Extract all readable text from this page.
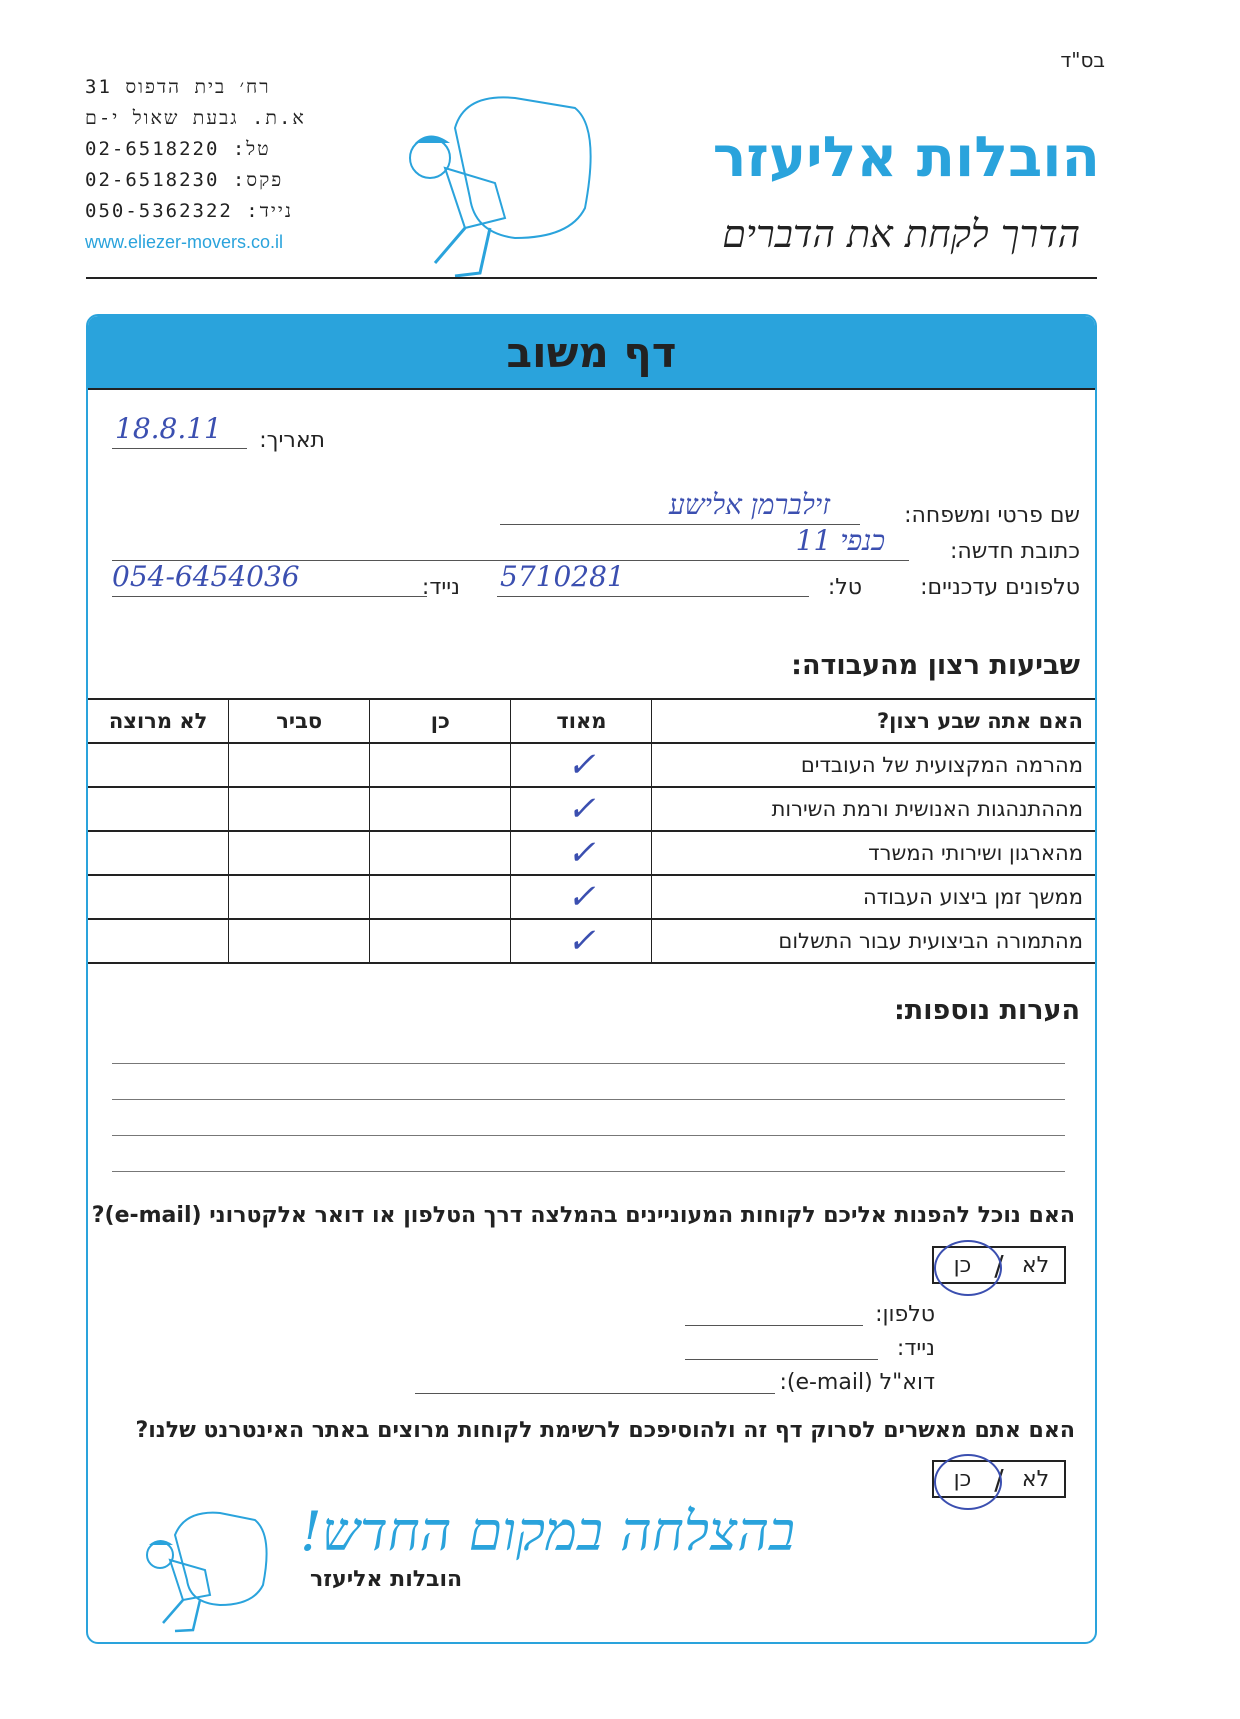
בס"ד
רח׳ בית הדפוס 31
א.ת. גבעת שאול י-ם
טל: 02-6518220
פקס: 02-6518230
נייד: 050-5362322
www.eliezer-movers.co.il
הובלות אליעזר
הדרך לקחת את הדברים
דף משוב
תאריך:
18.8.11
שם פרטי ומשפחה:
זילברמן אלישע
כתובת חדשה:
כנפי 11
טלפונים עדכניים:
טל:
5710281
נייד:
054-6454036
שביעות רצון מהעבודה:
האם אתה שבע רצון?	מאוד	כן	סביר	לא מרוצה
מהרמה המקצועית של העובדים	✓			
מההתנהגות האנושית ורמת השירות	✓			
מהארגון ושירותי המשרד	✓			
ממשך זמן ביצוע העבודה	✓			
מהתמורה הביצועית עבור התשלום	✓			
הערות נוספות:
האם נוכל להפנות אליכם לקוחות המעוניינים בהמלצה דרך הטלפון או דואר אלקטרוני (e-mail)?
לא
/
כן
טלפון:
נייד:
דוא"ל (e-mail):
האם אתם מאשרים לסרוק דף זה ולהוסיפכם לרשימת לקוחות מרוצים באתר האינטרנט שלנו?
לא
/
כן
בהצלחה במקום החדש!
הובלות אליעזר
